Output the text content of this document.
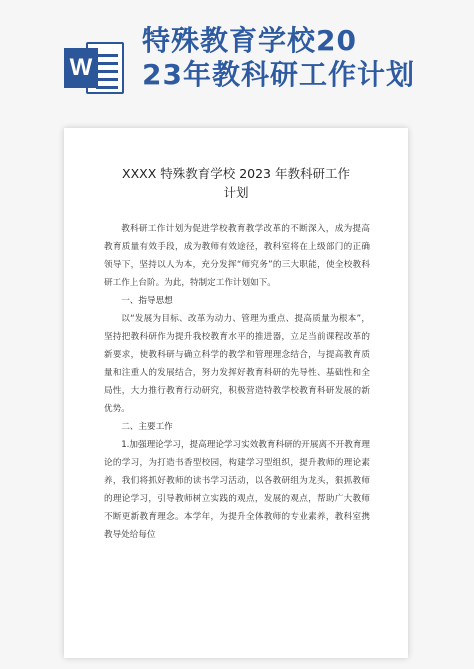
W
特殊教育学校20
23年教科研工作计划
XXXX 特殊教育学校 2023 年教科研工作
计划

教科研工作计划为促进学校教育教学改革的不断深入，成为提高教育质量有效手段，成为教师有效途径，教科室将在上级部门的正确领导下，坚持以人为本，充分发挥“师究务”的三大职能，使全校教科研工作上台阶。为此，特制定工作计划如下。

一、指导思想

以“发展为目标、改革为动力、管理为重点、提高质量为根本”，坚持把教科研作为提升我校教育水平的推进器，立足当前课程改革的新要求，使教科研与确立科学的教学和管理理念结合，与提高教育质量和注重人的发展结合，努力发挥好教育科研的先导性、基础性和全局性，大力推行教育行动研究，积极营造特教学校教育科研发展的新优势。

二、主要工作

1.加强理论学习，提高理论学习实效教育科研的开展离不开教育理论的学习，为打造书香型校园，构建学习型组织，提升教师的理论素养，我们将抓好教师的读书学习活动，以各教研组为龙头，狠抓教师的理论学习，引导教师树立实践的观点，发展的观点，帮助广大教师不断更新教育理念。本学年，为提升全体教师的专业素养，教科室携教导处给每位
